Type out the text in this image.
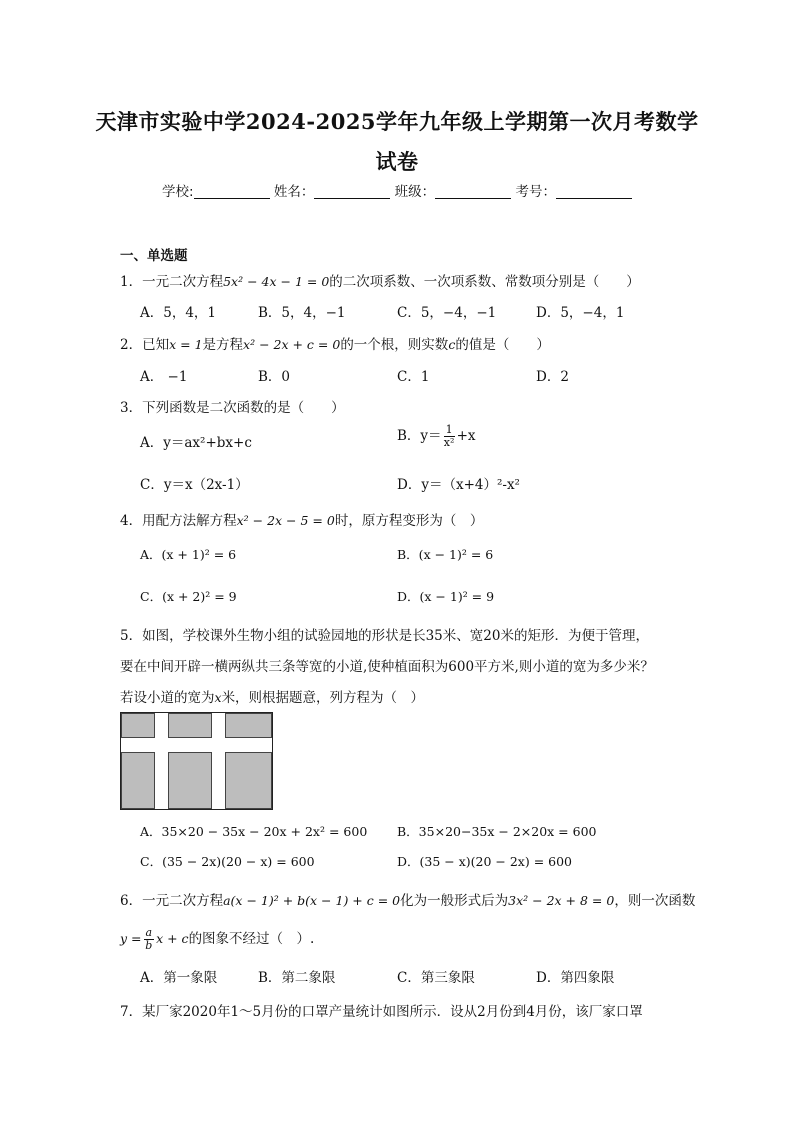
天津市实验中学2024-2025学年九年级上学期第一次月考数学
试卷
学校:	姓名：	班级：	考号：
一、单选题
1．一元二次方程5x² − 4x − 1 = 0的二次项系数、一次项系数、常数项分别是（　　）
A．5，4，1	B．5，4，−1	C．5，−4，−1	D．5，−4，1
2．已知x = 1是方程x² − 2x + c = 0的一个根，则实数c的值是（　　）
A． −1	B．0	C．1	D．2
3．下列函数是二次函数的是（　　）
A．y＝ax²+bx+c	B．$y= \frac{1}{\text{x²}} +x$
C．y＝x（2x-1）	D．y＝（x+4）²-x²
4．用配方法解方程x² − 2x − 5 = 0时，原方程变形为（　）
A．(x + 1)² = 6	B．(x − 1)² = 6
C．(x + 2)² = 9	D．(x − 1)² = 9
5．如图，学校课外生物小组的试验园地的形状是长35米、宽20米的矩形．为便于管理，
要在中间开辟一横两纵共三条等宽的小道,使种植面积为600平方米,则小道的宽为多少米？
若设小道的宽为x米，则根据题意，列方程为（　）
A．35×20 − 35x − 20x + 2x² = 600 B．35×20−35x − 2×20x = 600
C．(35 − 2x)(20 − x) = 600	D．(35 − x)(20 − 2x) = 600
6．一元二次方程a(x − 1)² + b(x − 1) + c = 0化为一般形式后为3x² − 2x + 8 = 0，则一次函数
$y = \frac{a}{b}$ x + c的图象不经过（　）.
A．第一象限	B．第二象限	C．第三象限	D．第四象限
7．某厂家2020年1～5月份的口罩产量统计如图所示．设从2月份到4月份，该厂家口罩
